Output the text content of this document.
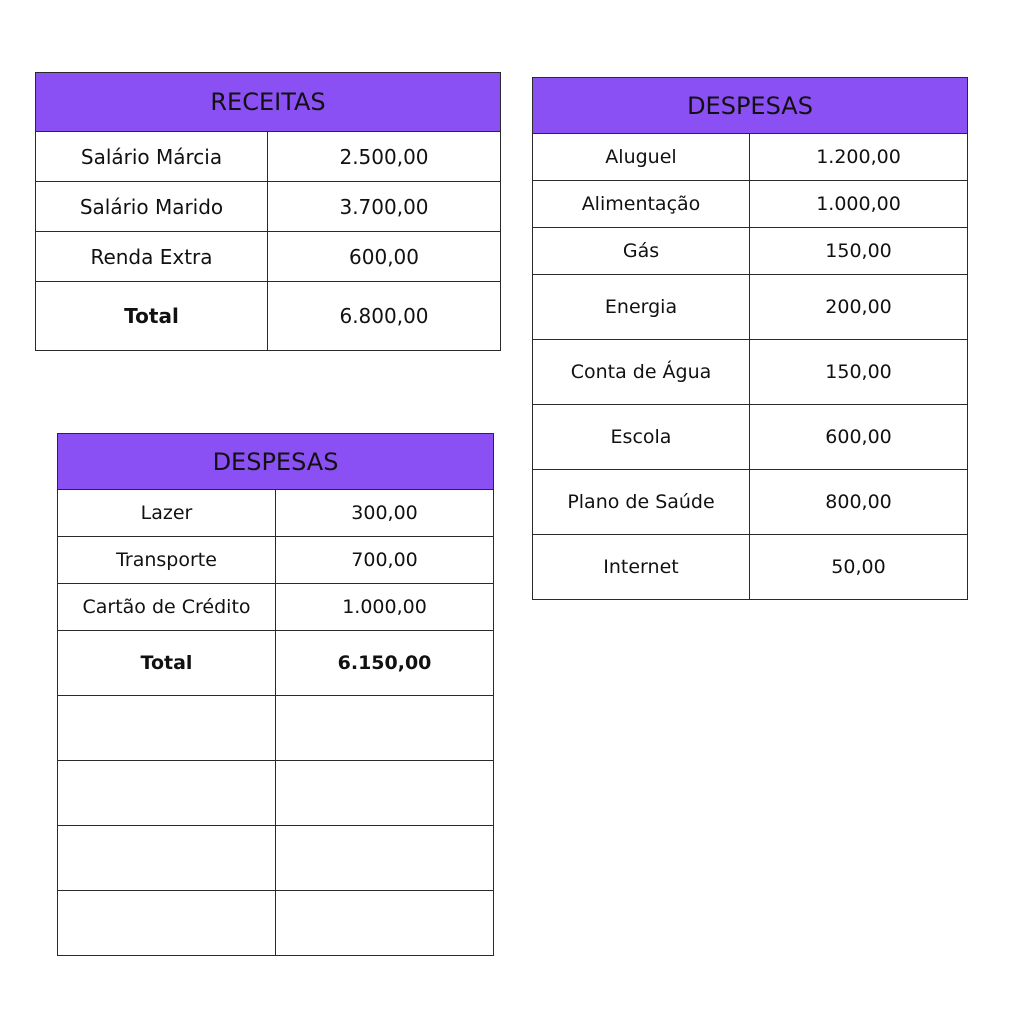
RECEITAS	
Salário Márcia	2.500,00
Salário Marido	3.700,00
Renda Extra	600,00
Total	6.800,00
DESPESAS	
Aluguel	1.200,00
Alimentação	1.000,00
Gás	150,00
Energia	200,00
Conta de Água	150,00
Escola	600,00
Plano de Saúde	800,00
Internet	50,00
DESPESAS	
Lazer	300,00
Transporte	700,00
Cartão de Crédito	1.000,00
Total	6.150,00
